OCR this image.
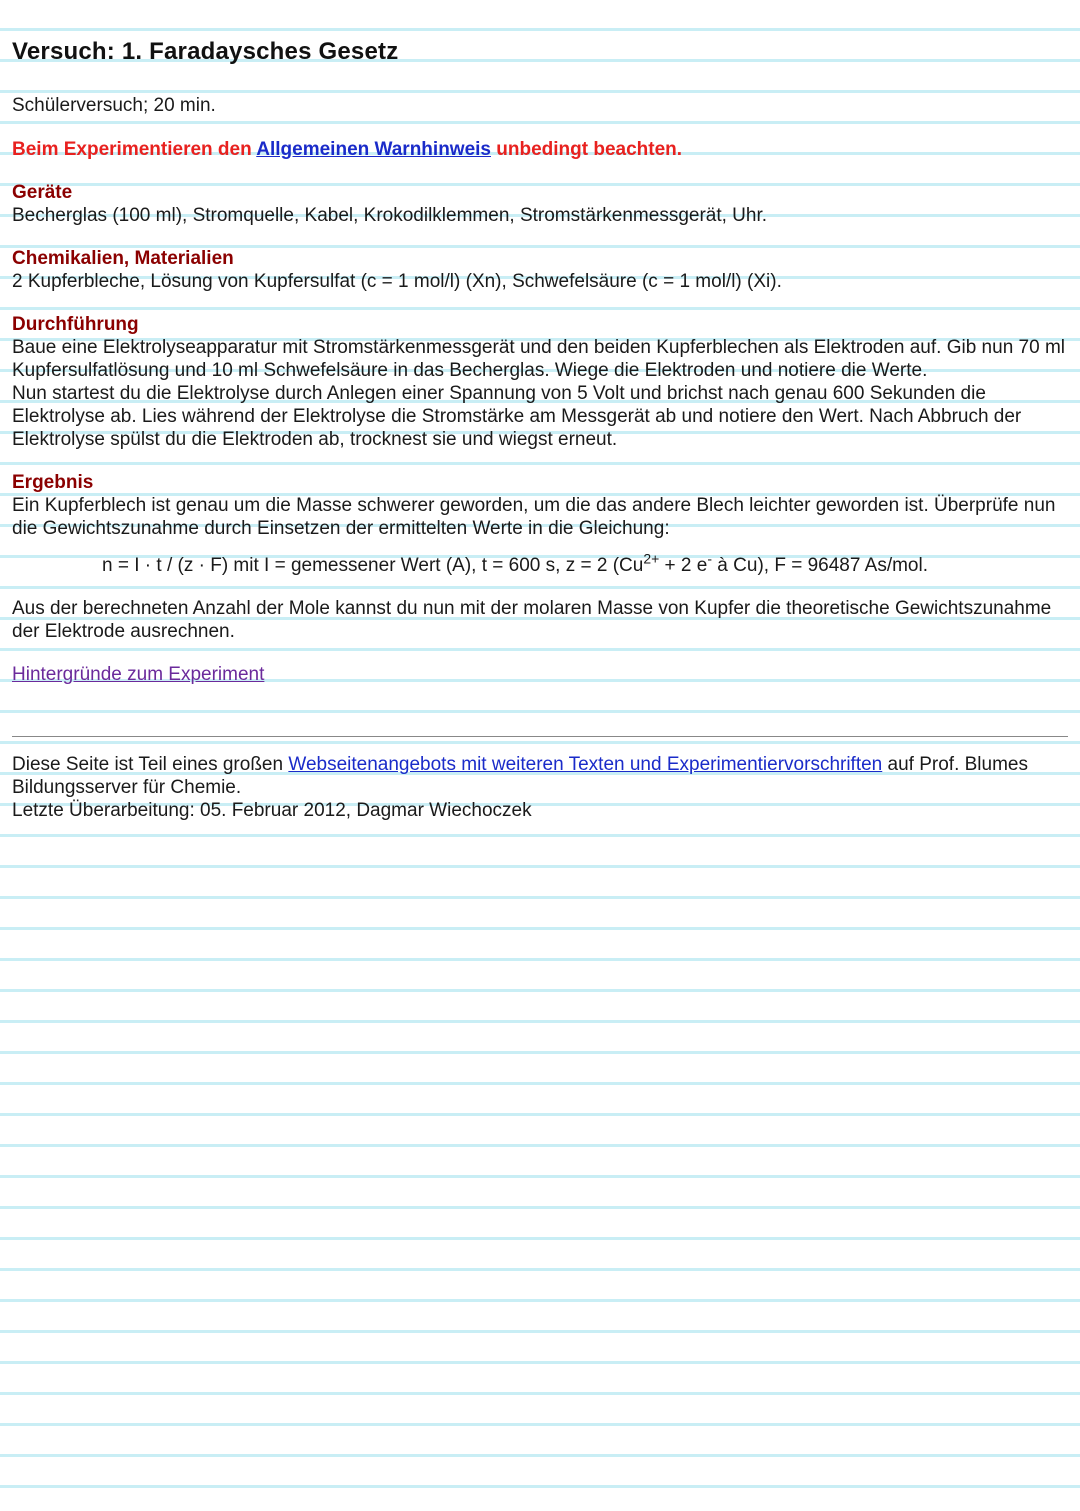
Versuch: 1. Faradaysches Gesetz

Schülerversuch; 20 min.

Beim Experimentieren den Allgemeinen Warnhinweis unbedingt beachten.

Geräte

Becherglas (100 ml), Stromquelle, Kabel, Krokodilklemmen, Stromstärkenmessgerät, Uhr.

Chemikalien, Materialien

2 Kupferbleche, Lösung von Kupfersulfat (c = 1 mol/l) (Xn), Schwefelsäure (c = 1 mol/l) (Xi).

Durchführung

Baue eine Elektrolyseapparatur mit Stromstärkenmessgerät und den beiden Kupferblechen als Elektroden auf. Gib nun 70 ml Kupfersulfatlösung und 10 ml Schwefelsäure in das Becherglas. Wiege die Elektroden und notiere die Werte.

Nun startest du die Elektrolyse durch Anlegen einer Spannung von 5 Volt und brichst nach genau 600 Sekunden die Elektrolyse ab. Lies während der Elektrolyse die Stromstärke am Messgerät ab und notiere den Wert. Nach Abbruch der Elektrolyse spülst du die Elektroden ab, trocknest sie und wiegst erneut.

Ergebnis

Ein Kupferblech ist genau um die Masse schwerer geworden, um die das andere Blech leichter geworden ist. Überprüfe nun die Gewichtszunahme durch Einsetzen der ermittelten Werte in die Gleichung:

n = I · t / (z · F) mit I = gemessener Wert (A), t = 600 s, z = 2 ($Cu^{2+} + 2$ e- à Cu), F = 96487 As/mol.

Aus der berechneten Anzahl der Mole kannst du nun mit der molaren Masse von Kupfer die theoretische Gewichtszunahme der Elektrode ausrechnen.

Hintergründe zum Experiment

Diese Seite ist Teil eines großen Webseitenangebots mit weiteren Texten und Experimentiervorschriften auf Prof. Blumes Bildungsserver für Chemie.

Letzte Überarbeitung: 05. Februar 2012, Dagmar Wiechoczek
